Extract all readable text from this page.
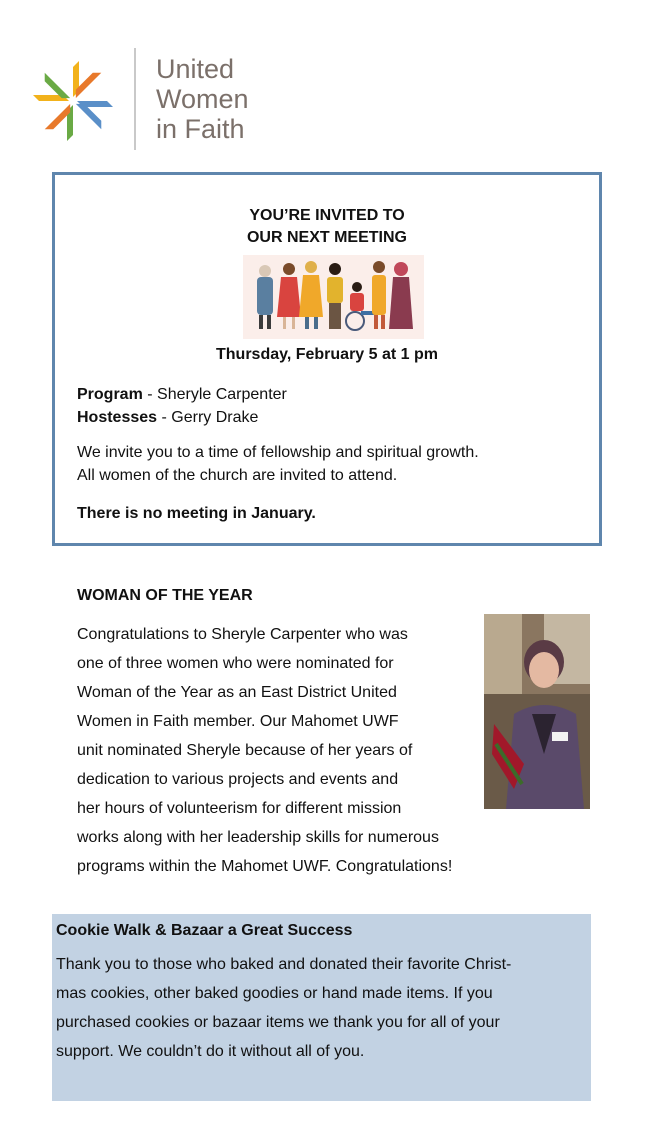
United
Women
in Faith
YOU’RE INVITED TO
OUR NEXT MEETING
Thursday, February 5 at 1 pm
Program - Sheryle Carpenter
Hostesses - Gerry Drake
We invite you to a time of fellowship and spiritual growth.
All women of the church are invited to attend.
There is no meeting in January.
WOMAN OF THE YEAR
Congratulations to Sheryle Carpenter who was
one of three women who were nominated for
Woman of the Year as an East District United
Women in Faith member. Our Mahomet UWF
unit nominated Sheryle because of her years of
dedication to various projects and events and
her hours of volunteerism for different mission
works along with her leadership skills for numerous
programs within the Mahomet UWF. Congratulations!
Cookie Walk & Bazaar a Great Success
Thank you to those who baked and donated their favorite Christ-
mas cookies, other baked goodies or hand made items. If you
purchased cookies or bazaar items we thank you for all of your
support. We couldn’t do it without all of you.
